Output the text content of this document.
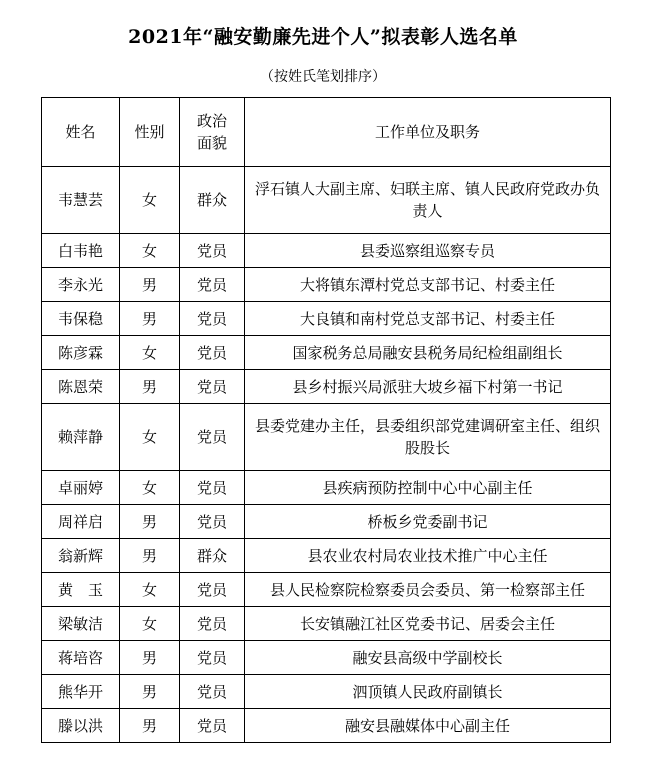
2021年“融安勤廉先进个人”拟表彰人选名单
（按姓氏笔划排序）
姓名	性别	政治面貌	工作单位及职务
韦慧芸	女	群众	浮石镇人大副主席、妇联主席、镇人民政府党政办负责人
白韦艳	女	党员	县委巡察组巡察专员
李永光	男	党员	大将镇东潭村党总支部书记、村委主任
韦保稳	男	党员	大良镇和南村党总支部书记、村委主任
陈彦霖	女	党员	国家税务总局融安县税务局纪检组副组长
陈恩荣	男	党员	县乡村振兴局派驻大坡乡福下村第一书记
赖萍静	女	党员	县委党建办主任，县委组织部党建调研室主任、组织股股长
卓丽婷	女	党员	县疾病预防控制中心中心副主任
周祥启	男	党员	桥板乡党委副书记
翁新辉	男	群众	县农业农村局农业技术推广中心主任
黄　玉	女	党员	县人民检察院检察委员会委员、第一检察部主任
梁敏洁	女	党员	长安镇融江社区党委书记、居委会主任
蒋培咨	男	党员	融安县高级中学副校长
熊华开	男	党员	泗顶镇人民政府副镇长
滕以洪	男	党员	融安县融媒体中心副主任
